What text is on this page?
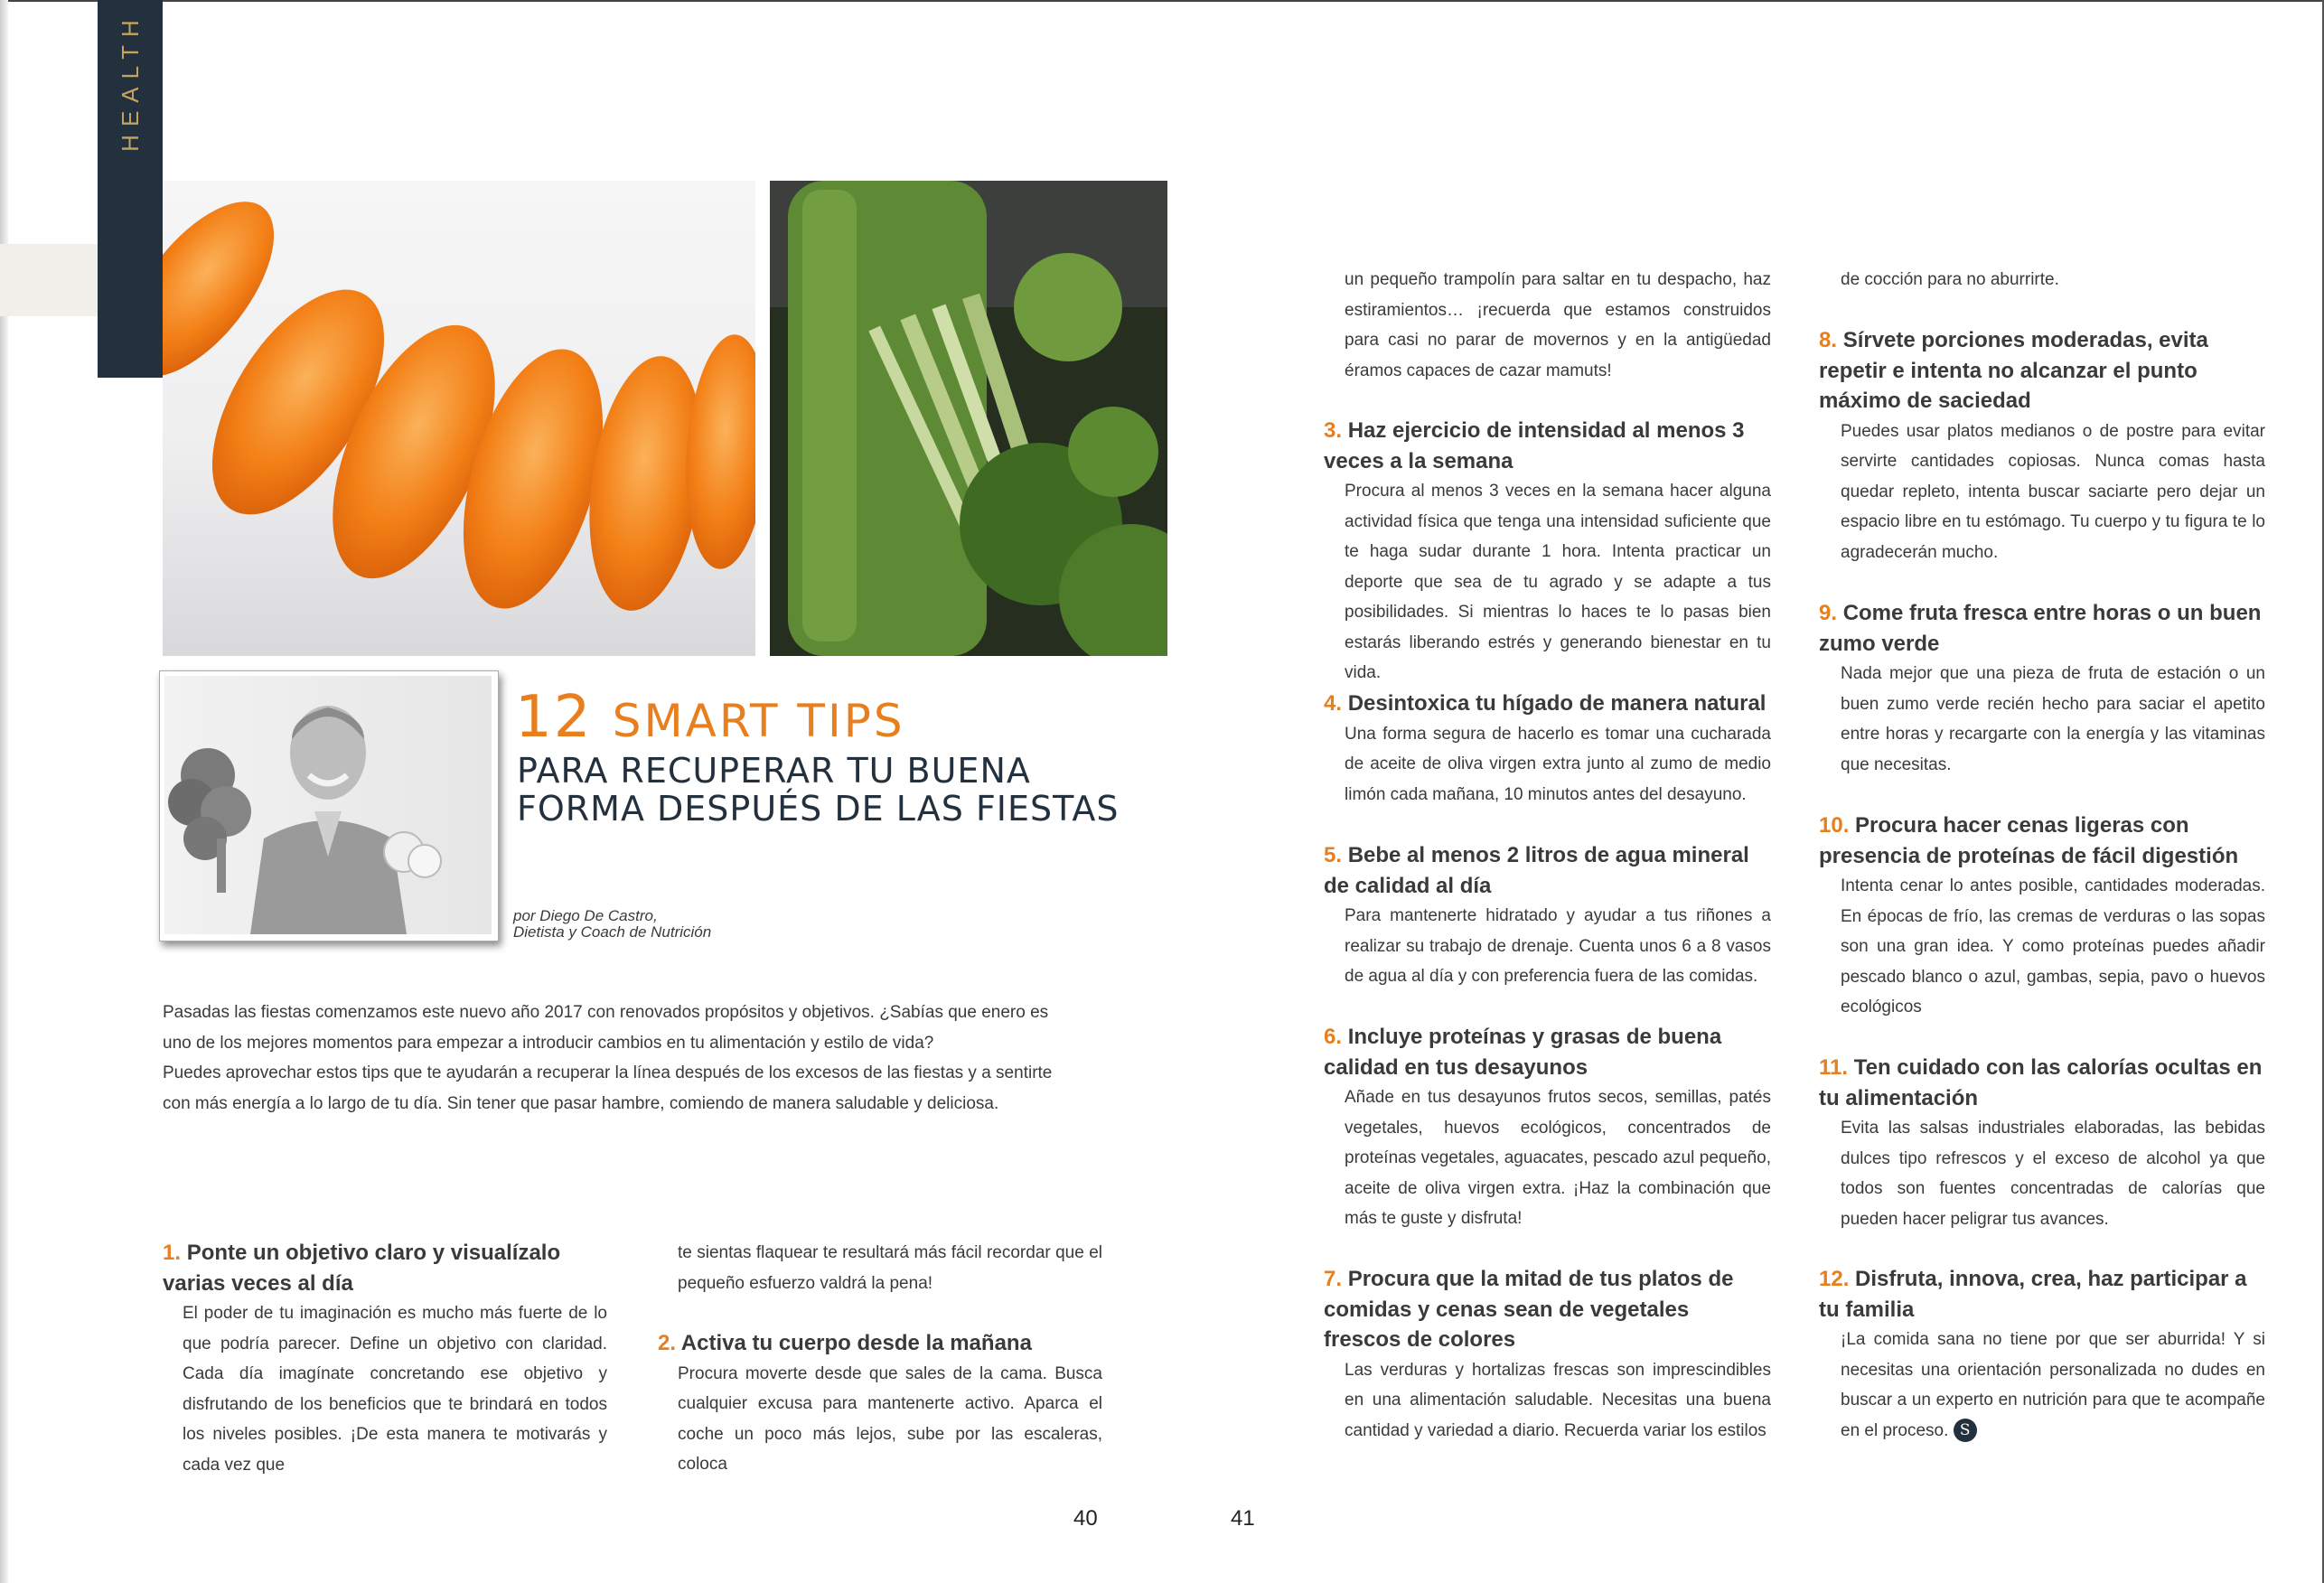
HEALTH
12 SMART TIPS
PARA RECUPERAR TU BUENA
FORMA DESPUÉS DE LAS FIESTAS
por Diego De Castro,
Dietista y Coach de Nutrición

Pasadas las fiestas comenzamos este nuevo año 2017 con renovados propósitos y objetivos. ¿Sabías que enero es

uno de los mejores momentos para empezar a introducir cambios en tu alimentación y estilo de vida?

Puedes aprovechar estos tips que te ayudarán a recuperar la línea después de los excesos de las fiestas y a sentirte

con más energía a lo largo de tu día. Sin tener que pasar hambre, comiendo de manera saludable y deliciosa.

1. Ponte un objetivo claro y visualízalo varias veces al día

El poder de tu imaginación es mucho más fuerte de lo que podría parecer. Define un objetivo con claridad. Cada día imagínate concretando ese objetivo y disfrutando de los beneficios que te brindará en todos los niveles posibles. ¡De esta manera te motivarás y cada vez que

te sientas flaquear te resultará más fácil recordar que el pequeño esfuerzo valdrá la pena!

2. Activa tu cuerpo desde la mañana

Procura moverte desde que sales de la cama. Busca cualquier excusa para mantenerte activo. Aparca el coche un poco más lejos, sube por las escaleras, coloca

un pequeño trampolín para saltar en tu despacho, haz estiramientos… ¡recuerda que estamos construidos para casi no parar de movernos y en la antigüedad éramos capaces de cazar mamuts!

3. Haz ejercicio de intensidad al menos 3 veces a la semana

Procura al menos 3 veces en la semana hacer alguna actividad física que tenga una intensidad suficiente que te haga sudar durante 1 hora. Intenta practicar un deporte que sea de tu agrado y se adapte a tus posibilidades. Si mientras lo haces te lo pasas bien estarás liberando estrés y generando bienestar en tu vida.

4. Desintoxica tu hígado de manera natural

Una forma segura de hacerlo es tomar una cucharada de aceite de oliva virgen extra junto al zumo de medio limón cada mañana, 10 minutos antes del desayuno.

5. Bebe al menos 2 litros de agua mineral de calidad al día

Para mantenerte hidratado y ayudar a tus riñones a realizar su trabajo de drenaje. Cuenta unos 6 a 8 vasos de agua al día y con preferencia fuera de las comidas.

6. Incluye proteínas y grasas de buena calidad en tus desayunos

Añade en tus desayunos frutos secos, semillas, patés vegetales, huevos ecológicos, concentrados de proteínas vegetales, aguacates, pescado azul pequeño, aceite de oliva virgen extra. ¡Haz la combinación que más te guste y disfruta!

7. Procura que la mitad de tus platos de comidas y cenas sean de vegetales frescos de colores

Las verduras y hortalizas frescas son imprescindibles en una alimentación saludable. Necesitas una buena cantidad y variedad a diario. Recuerda variar los estilos

de cocción para no aburrirte.

8. Sírvete porciones moderadas, evita repetir e intenta no alcanzar el punto máximo de saciedad

Puedes usar platos medianos o de postre para evitar servirte cantidades copiosas. Nunca comas hasta quedar repleto, intenta buscar saciarte pero dejar un espacio libre en tu estómago. Tu cuerpo y tu figura te lo agradecerán mucho.

9. Come fruta fresca entre horas o un buen zumo verde

Nada mejor que una pieza de fruta de estación o un buen zumo verde recién hecho para saciar el apetito entre horas y recargarte con la energía y las vitaminas que necesitas.

10. Procura hacer cenas ligeras con presencia de proteínas de fácil digestión

Intenta cenar lo antes posible, cantidades moderadas. En épocas de frío, las cremas de verduras o las sopas son una gran idea. Y como proteínas puedes añadir pescado blanco o azul, gambas, sepia, pavo o huevos ecológicos

11. Ten cuidado con las calorías ocultas en tu alimentación

Evita las salsas industriales elaboradas, las bebidas dulces tipo refrescos y el exceso de alcohol ya que todos son fuentes concentradas de calorías que pueden hacer peligrar tus avances.

12. Disfruta, innova, crea, haz participar a tu familia

¡La comida sana no tiene por que ser aburrida! Y si necesitas una orientación personalizada no dudes en buscar a un experto en nutrición para que te acompañe en el proceso. S

40	41
